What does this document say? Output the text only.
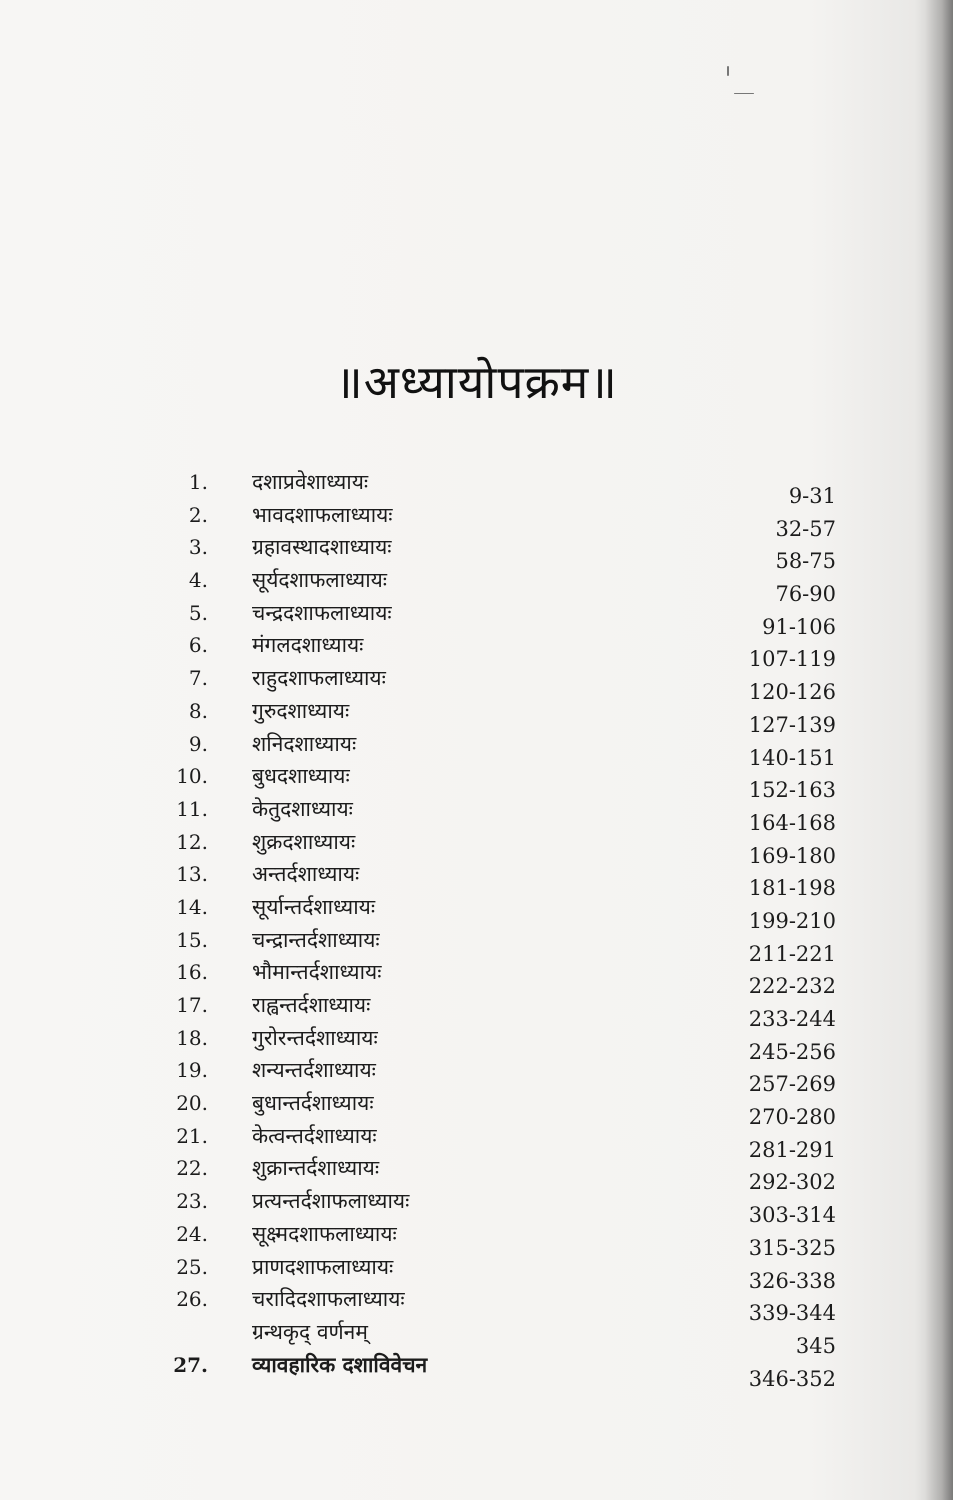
॥अध्यायोपक्रम॥
1. दशाप्रवेशाध्यायः
9-31
2. भावदशाफलाध्यायः
32-57
3. ग्रहावस्थादशाध्यायः
58-75
4. सूर्यदशाफलाध्यायः
76-90
5. चन्द्रदशाफलाध्यायः
91-106
6. मंगलदशाध्यायः
107-119
7. राहुदशाफलाध्यायः
120-126
8. गुरुदशाध्यायः
127-139
9. शनिदशाध्यायः
140-151
10. बुधदशाध्यायः
152-163
11. केतुदशाध्यायः
164-168
12. शुक्रदशाध्यायः
169-180
13. अन्तर्दशाध्यायः
181-198
14. सूर्यान्तर्दशाध्यायः
199-210
15. चन्द्रान्तर्दशाध्यायः
211-221
16. भौमान्तर्दशाध्यायः
222-232
17. राह्वन्तर्दशाध्यायः
233-244
18. गुरोरन्तर्दशाध्यायः
245-256
19. शन्यन्तर्दशाध्यायः
257-269
20. बुधान्तर्दशाध्यायः
270-280
21. केत्वन्तर्दशाध्यायः
281-291
22. शुक्रान्तर्दशाध्यायः
292-302
23. प्रत्यन्तर्दशाफलाध्यायः
303-314
24. सूक्ष्मदशाफलाध्यायः
315-325
25. प्राणदशाफलाध्यायः
326-338
26. चरादिदशाफलाध्यायः
339-344
ग्रन्थकृद् वर्णनम्
345
27. व्यावहारिक दशाविवेचन
346-352
